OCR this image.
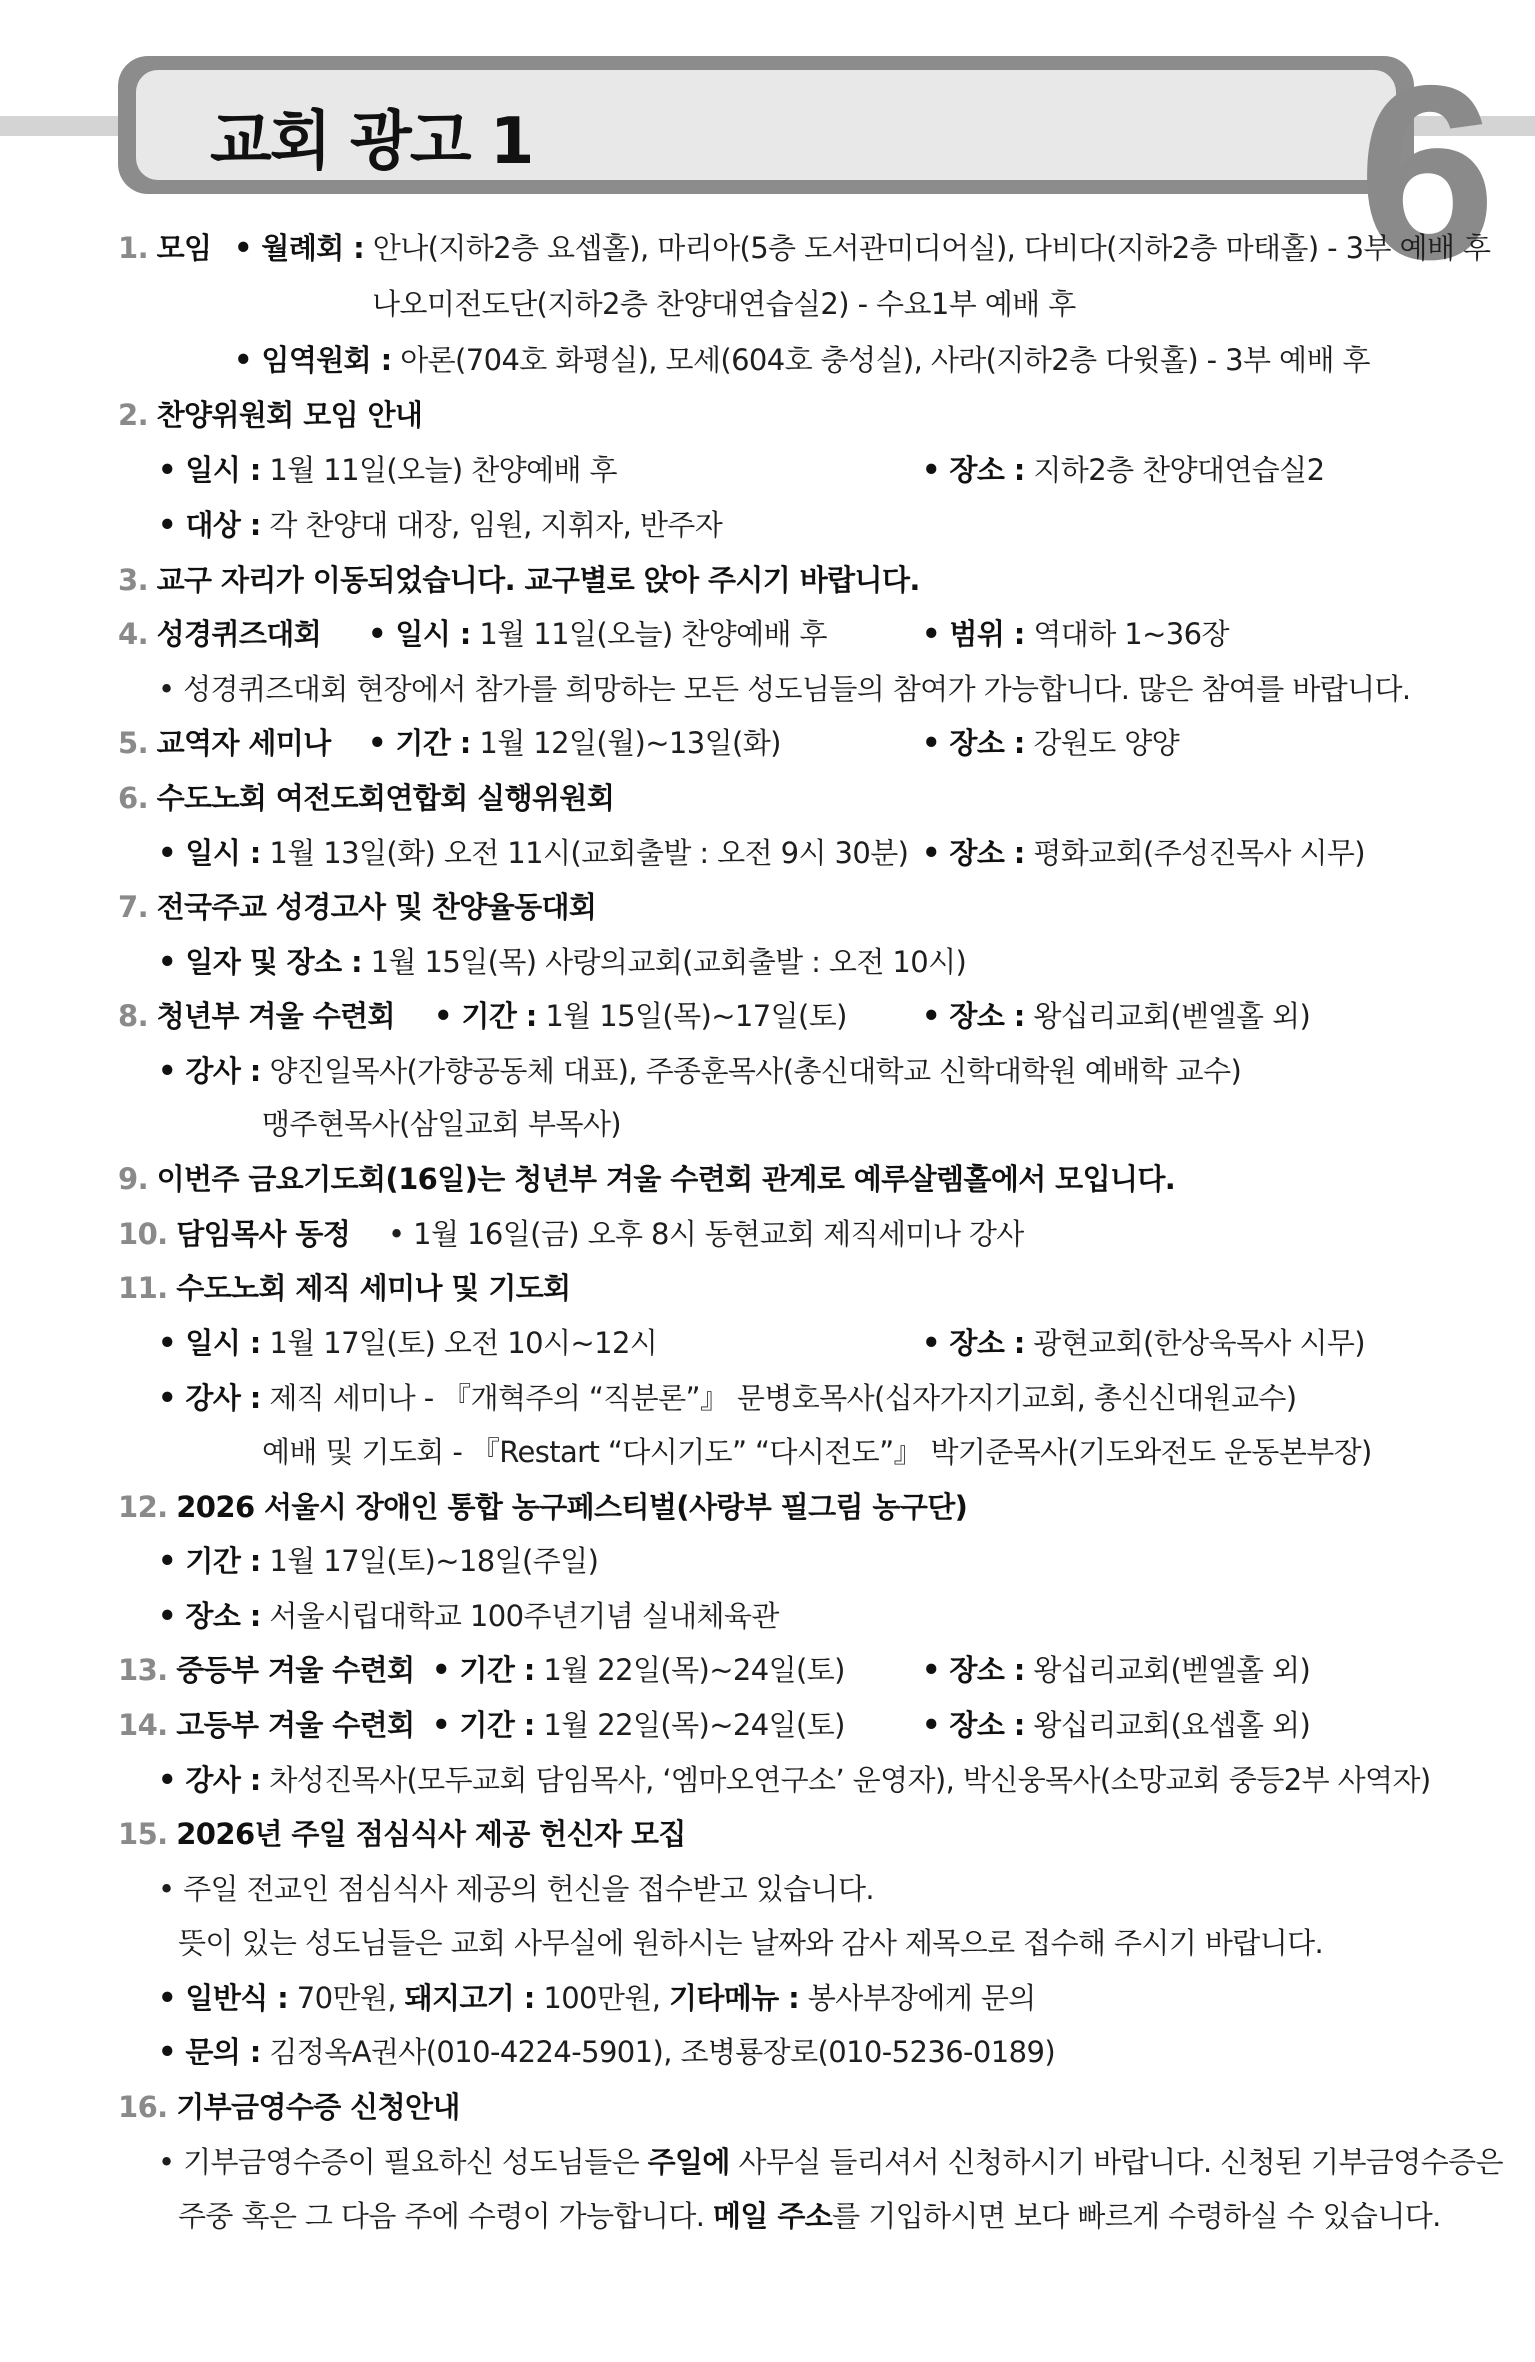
교회 광고 1	6
1. 모임 • 월례회 : 안나(지하2층 요셉홀), 마리아(5층 도서관미디어실), 다비다(지하2층 마태홀) - 3부 예배 후
나오미전도단(지하2층 찬양대연습실2) - 수요1부 예배 후
• 임역원회 : 아론(704호 화평실), 모세(604호 충성실), 사라(지하2층 다윗홀) - 3부 예배 후
2. 찬양위원회 모임 안내
• 일시 : 1월 11일(오늘) 찬양예배 후	• 장소 : 지하2층 찬양대연습실2
• 대상 : 각 찬양대 대장, 임원, 지휘자, 반주자
3. 교구 자리가 이동되었습니다. 교구별로 앉아 주시기 바랍니다.
4. 성경퀴즈대회 • 일시 : 1월 11일(오늘) 찬양예배 후	• 범위 : 역대하 1~36장
• 성경퀴즈대회 현장에서 참가를 희망하는 모든 성도님들의 참여가 가능합니다. 많은 참여를 바랍니다.
5. 교역자 세미나 • 기간 : 1월 12일(월)~13일(화)	• 장소 : 강원도 양양
6. 수도노회 여전도회연합회 실행위원회
• 일시 : 1월 13일(화) 오전 11시(교회출발 : 오전 9시 30분) • 장소 : 평화교회(주성진목사 시무)
7. 전국주교 성경고사 및 찬양율동대회
• 일자 및 장소 : 1월 15일(목) 사랑의교회(교회출발 : 오전 10시)
8. 청년부 겨울 수련회 • 기간 : 1월 15일(목)~17일(토)	• 장소 : 왕십리교회(벧엘홀 외)
• 강사 : 양진일목사(가향공동체 대표), 주종훈목사(총신대학교 신학대학원 예배학 교수)
맹주현목사(삼일교회 부목사)
9. 이번주 금요기도회(16일)는 청년부 겨울 수련회 관계로 예루살렘홀에서 모입니다.
10. 담임목사 동정 • 1월 16일(금) 오후 8시 동현교회 제직세미나 강사
11. 수도노회 제직 세미나 및 기도회
• 일시 : 1월 17일(토) 오전 10시~12시	• 장소 : 광현교회(한상욱목사 시무)
• 강사 : 제직 세미나 - 『개혁주의 “직분론”』 문병호목사(십자가지기교회, 총신신대원교수)
예배 및 기도회 - 『Restart “다시기도” “다시전도”』 박기준목사(기도와전도 운동본부장)
12. 2026 서울시 장애인 통합 농구페스티벌(사랑부 필그림 농구단)
• 기간 : 1월 17일(토)~18일(주일)
• 장소 : 서울시립대학교 100주년기념 실내체육관
13. 중등부 겨울 수련회 • 기간 : 1월 22일(목)~24일(토)	• 장소 : 왕십리교회(벧엘홀 외)
14. 고등부 겨울 수련회 • 기간 : 1월 22일(목)~24일(토)	• 장소 : 왕십리교회(요셉홀 외)
• 강사 : 차성진목사(모두교회 담임목사, ‘엠마오연구소’ 운영자), 박신웅목사(소망교회 중등2부 사역자)
15. 2026년 주일 점심식사 제공 헌신자 모집
• 주일 전교인 점심식사 제공의 헌신을 접수받고 있습니다.
뜻이 있는 성도님들은 교회 사무실에 원하시는 날짜와 감사 제목으로 접수해 주시기 바랍니다.
• 일반식 : 70만원, 돼지고기 : 100만원, 기타메뉴 : 봉사부장에게 문의
• 문의 : 김정옥A권사(010-4224-5901), 조병룡장로(010-5236-0189)
16. 기부금영수증 신청안내
• 기부금영수증이 필요하신 성도님들은 주일에 사무실 들리셔서 신청하시기 바랍니다. 신청된 기부금영수증은
주중 혹은 그 다음 주에 수령이 가능합니다. 메일 주소를 기입하시면 보다 빠르게 수령하실 수 있습니다.
